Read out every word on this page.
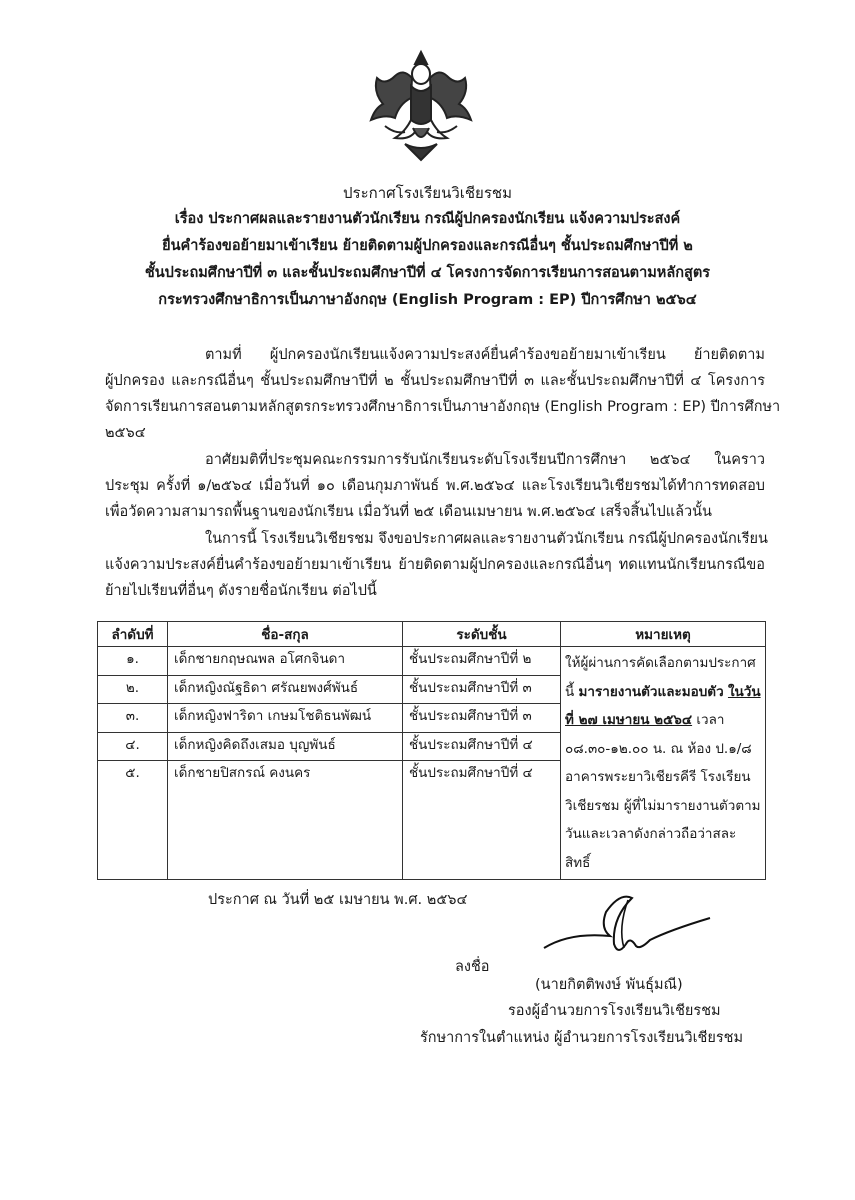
ประกาศโรงเรียนวิเชียรชม
เรื่อง ประกาศผลและรายงานตัวนักเรียน กรณีผู้ปกครองนักเรียน แจ้งความประสงค์
ยื่นคำร้องขอย้ายมาเข้าเรียน ย้ายติดตามผู้ปกครองและกรณีอื่นๆ ชั้นประถมศึกษาปีที่ ๒
ชั้นประถมศึกษาปีที่ ๓ และชั้นประถมศึกษาปีที่ ๔ โครงการจัดการเรียนการสอนตามหลักสูตร
กระทรวงศึกษาธิการเป็นภาษาอังกฤษ (English Program : EP) ปีการศึกษา ๒๕๖๔
ตามที่ ผู้ปกครองนักเรียนแจ้งความประสงค์ยื่นคำร้องขอย้ายมาเข้าเรียน ย้ายติดตาม
ผู้ปกครอง และกรณีอื่นๆ ชั้นประถมศึกษาปีที่ ๒ ชั้นประถมศึกษาปีที่ ๓ และชั้นประถมศึกษาปีที่ ๔ โครงการ
จัดการเรียนการสอนตามหลักสูตรกระทรวงศึกษาธิการเป็นภาษาอังกฤษ (English Program : EP) ปีการศึกษา
๒๕๖๔
อาศัยมติที่ประชุมคณะกรรมการรับนักเรียนระดับโรงเรียนปีการศึกษา ๒๕๖๔ ในคราว
ประชุม ครั้งที่ ๑/๒๕๖๔ เมื่อวันที่ ๑๐ เดือนกุมภาพันธ์ พ.ศ.๒๕๖๔ และโรงเรียนวิเชียรชมได้ทำการทดสอบ
เพื่อวัดความสามารถพื้นฐานของนักเรียน เมื่อวันที่ ๒๕ เดือนเมษายน พ.ศ.๒๕๖๔ เสร็จสิ้นไปแล้วนั้น
ในการนี้ โรงเรียนวิเชียรชม จึงขอประกาศผลและรายงานตัวนักเรียน กรณีผู้ปกครองนักเรียน
แจ้งความประสงค์ยื่นคำร้องขอย้ายมาเข้าเรียน ย้ายติดตามผู้ปกครองและกรณีอื่นๆ ทดแทนนักเรียนกรณีขอ
ย้ายไปเรียนที่อื่นๆ ดังรายชื่อนักเรียน ต่อไปนี้
ลำดับที่	ชื่อ-สกุล	ระดับชั้น	หมายเหตุ
๑.	เด็กชายกฤษณพล อโศกจินดา	ชั้นประถมศึกษาปีที่ ๒	ให้ผู้ผ่านการคัดเลือกตามประกาศนี้ มารายงานตัวและมอบตัว ในวันที่ ๒๗ เมษายน ๒๕๖๔ เวลา ๐๘.๓๐-๑๒.๐๐ น. ณ ห้อง ป.๑/๘ อาคารพระยาวิเชียรคีรี โรงเรียนวิเชียรชม ผู้ที่ไม่มารายงานตัวตามวันและเวลาดังกล่าวถือว่าสละสิทธิ์
๒.	เด็กหญิงณัฐธิดา ศรัณยพงศ์พันธ์	ชั้นประถมศึกษาปีที่ ๓	
๓.	เด็กหญิงฟาริดา เกษมโชติธนพัฒน์	ชั้นประถมศึกษาปีที่ ๓	
๔.	เด็กหญิงคิดถึงเสมอ บุญพันธ์	ชั้นประถมศึกษาปีที่ ๔	
๕.	เด็กชายปิสกรณ์ คงนคร	ชั้นประถมศึกษาปีที่ ๔	
ประกาศ ณ วันที่ ๒๕ เมษายน พ.ศ. ๒๕๖๔
ลงชื่อ
(นายกิตติพงษ์ พันธุ์มณี)
รองผู้อำนวยการโรงเรียนวิเชียรชม
รักษาการในตำแหน่ง ผู้อำนวยการโรงเรียนวิเชียรชม
